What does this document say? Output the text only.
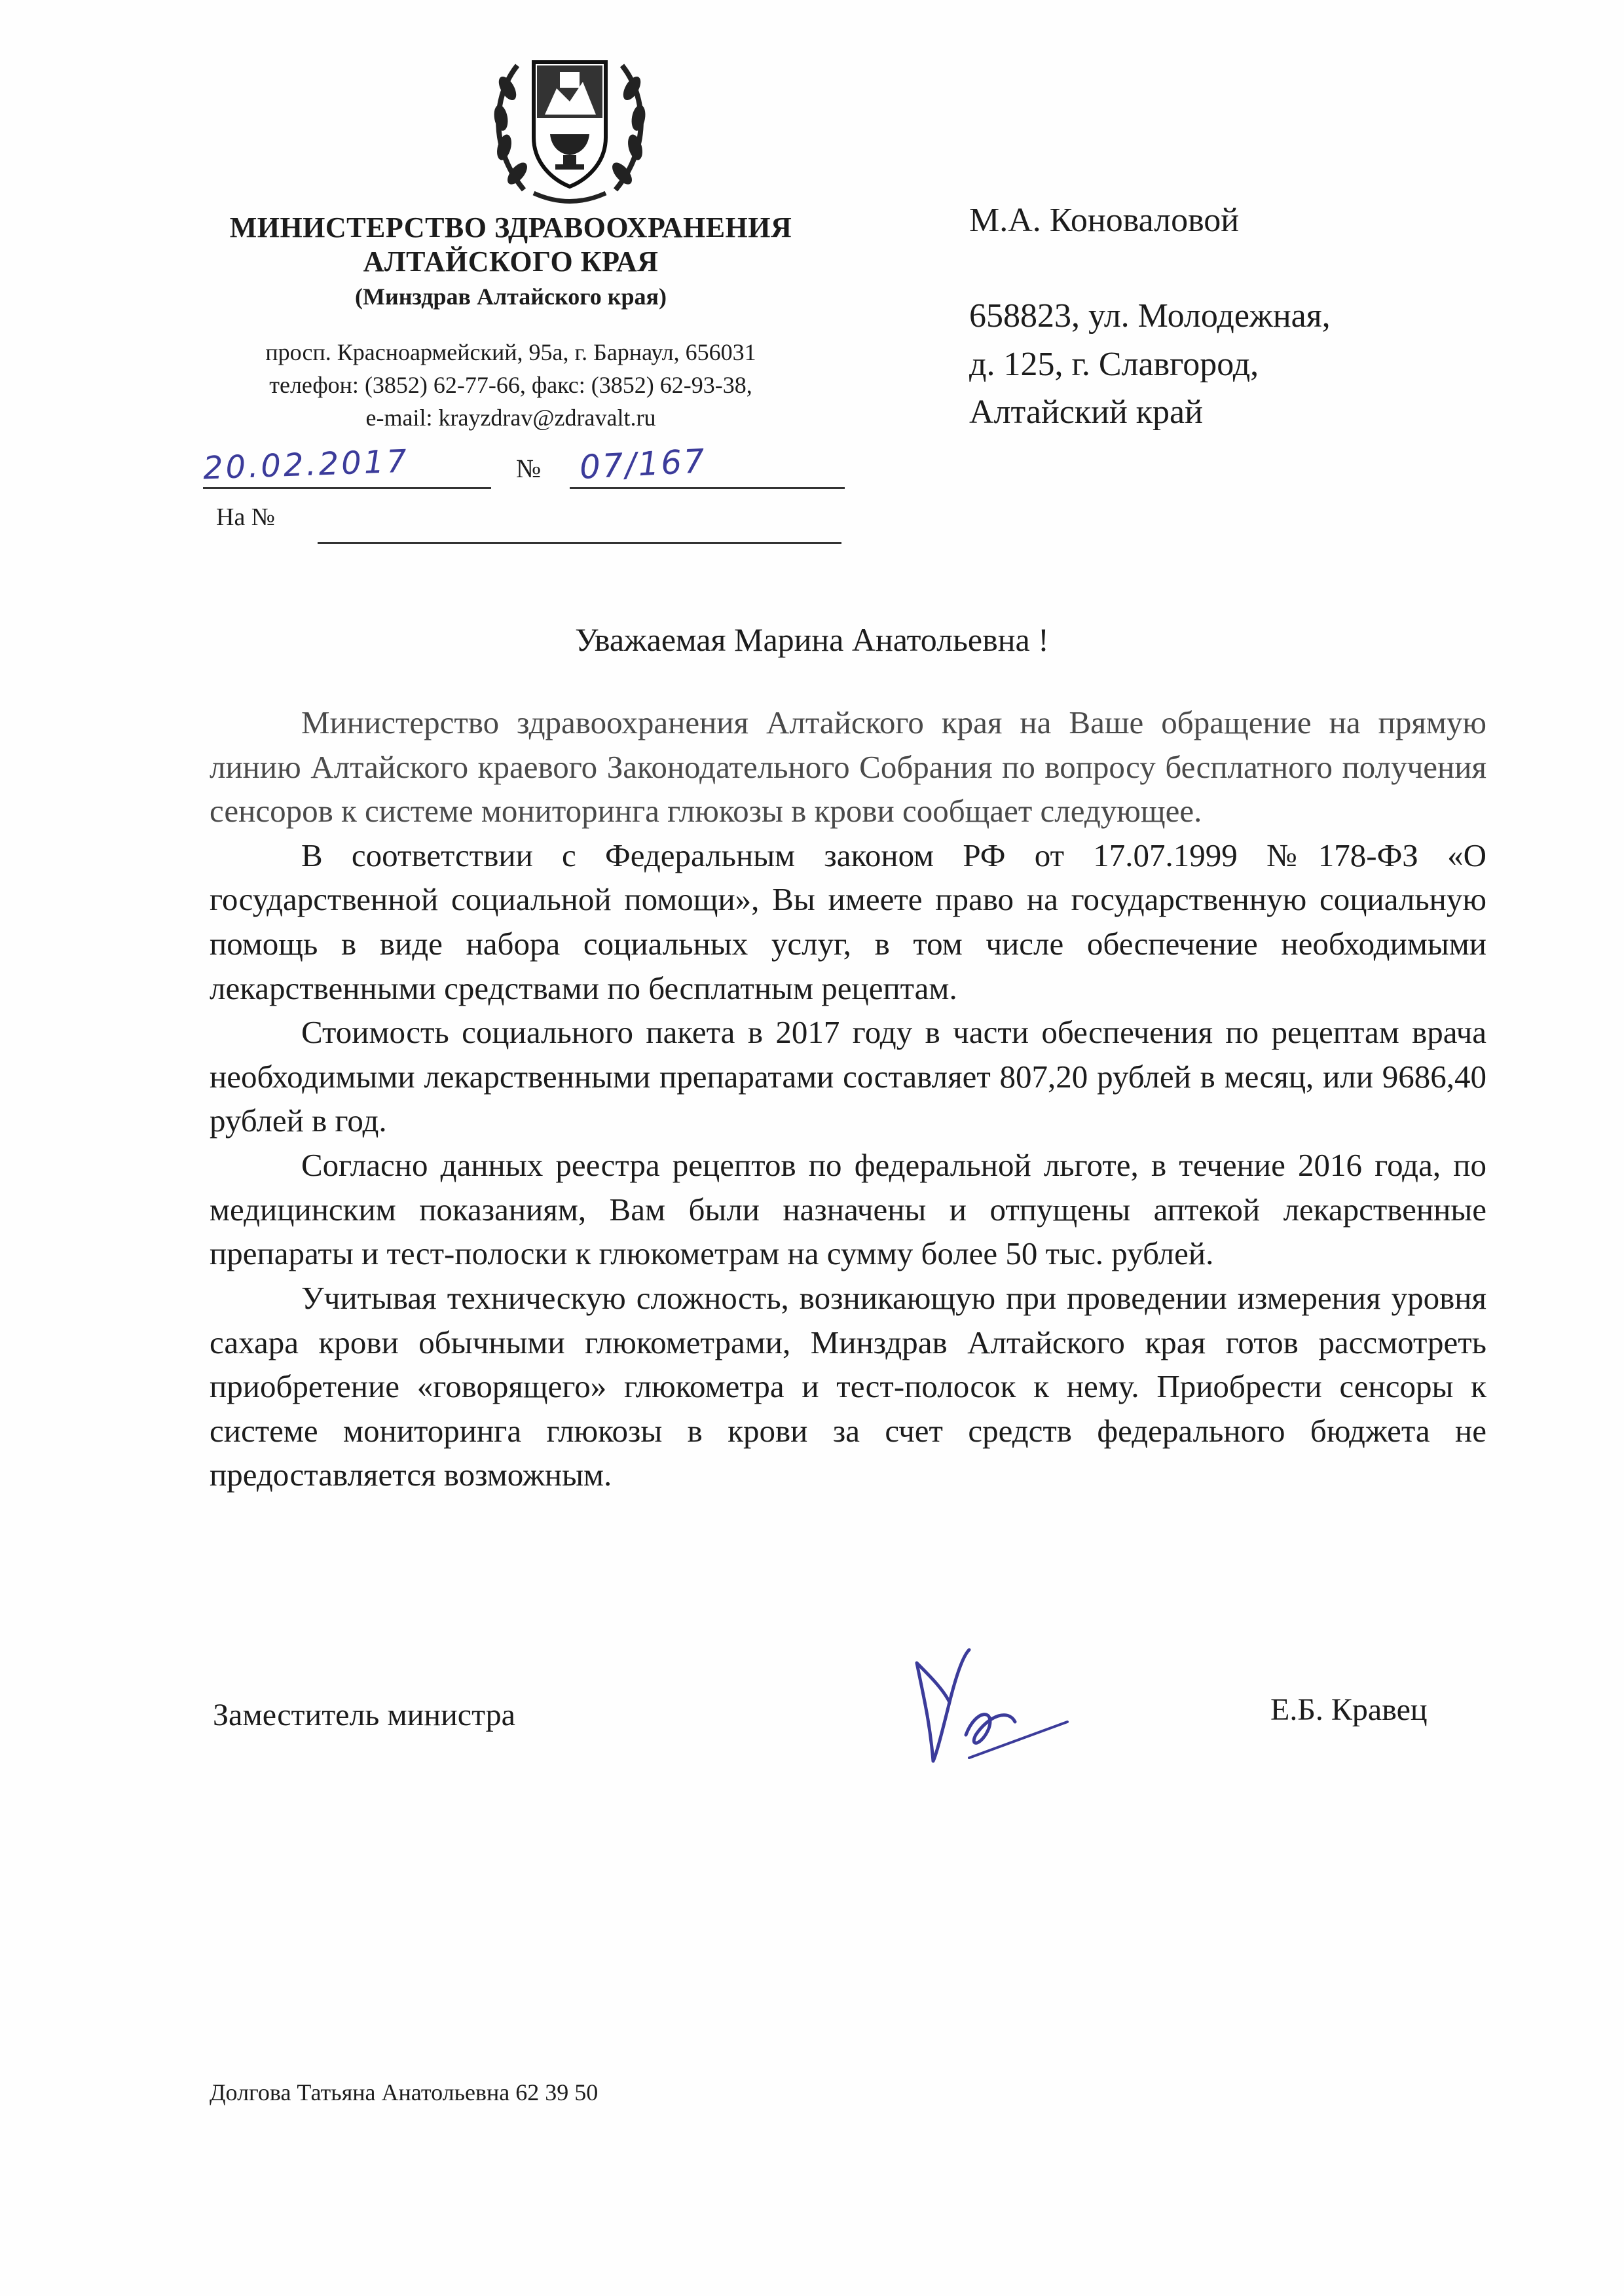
МИНИСТЕРСТВО ЗДРАВООХРАНЕНИЯ
АЛТАЙСКОГО КРАЯ
(Минздрав Алтайского края)
просп. Красноармейский, 95а, г. Барнаул, 656031
телефон: (3852) 62-77-66, факс: (3852) 62-93-38,
e-mail: krayzdrav@zdravalt.ru
20.02.2017	№ 07/167
На №
М.А. Коноваловой
658823, ул. Молодежная,
д. 125, г. Славгород,
Алтайский край
Уважаемая Марина Анатольевна !

Министерство здравоохранения Алтайского края на Ваше обращение на прямую линию Алтайского краевого Законодательного Собрания по вопросу бесплатного получения сенсоров к системе мониторинга глюкозы в крови сообщает следующее.

В соответствии с Федеральным законом РФ от 17.07.1999 №178-ФЗ «О государственной социальной помощи», Вы имеете право на государственную социальную помощь в виде набора социальных услуг, в том числе обеспечение необходимыми лекарственными средствами по бесплатным рецептам.

Стоимость социального пакета в 2017 году в части обеспечения по рецептам врача необходимыми лекарственными препаратами составляет 807,20 рублей в месяц, или 9686,40 рублей в год.

Согласно данных реестра рецептов по федеральной льготе, в течение 2016 года, по медицинским показаниям, Вам были назначены и отпущены аптекой лекарственные препараты и тест-полоски к глюкометрам на сумму более 50 тыс. рублей.

Учитывая техническую сложность, возникающую при проведении измерения уровня сахара крови обычными глюкометрами, Минздрав Алтайского края готов рассмотреть приобретение «говорящего» глюкометра и тест-полосок к нему. Приобрести сенсоры к системе мониторинга глюкозы в крови за счет средств федерального бюджета не предоставляется возможным.

Заместитель министра	Е.Б. Кравец
Долгова Татьяна Анатольевна 62 39 50
